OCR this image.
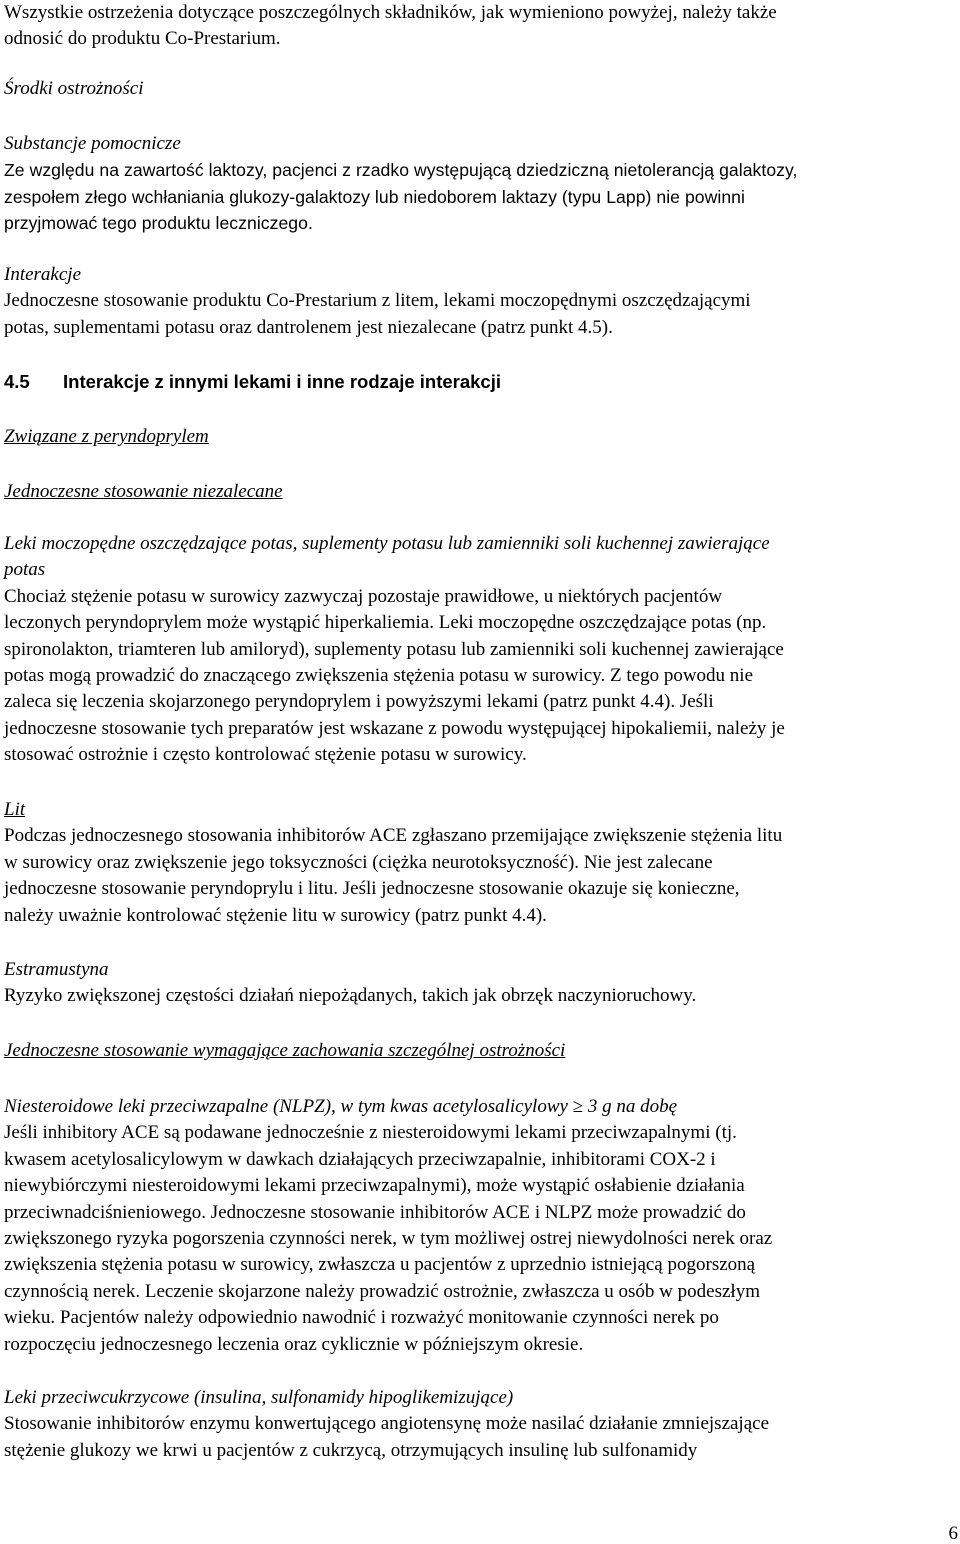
Wszystkie ostrzeżenia dotyczące poszczególnych składników, jak wymieniono powyżej, należy także
odnosić do produktu Co-Prestarium.
Środki ostrożności
Substancje pomocnicze
Ze względu na zawartość laktozy, pacjenci z rzadko występującą dziedziczną nietolerancją galaktozy,
zespołem złego wchłaniania glukozy-galaktozy lub niedoborem laktazy (typu Lapp) nie powinni
przyjmować tego produktu leczniczego.
Interakcje
Jednoczesne stosowanie produktu Co-Prestarium z litem, lekami moczopędnymi oszczędzającymi
potas, suplementami potasu oraz dantrolenem jest niezalecane (patrz punkt 4.5).
4.5 Interakcje z innymi lekami i inne rodzaje interakcji
Związane z peryndoprylem
Jednoczesne stosowanie niezalecane
Leki moczopędne oszczędzające potas, suplementy potasu lub zamienniki soli kuchennej zawierające
potas
Chociaż stężenie potasu w surowicy zazwyczaj pozostaje prawidłowe, u niektórych pacjentów
leczonych peryndoprylem może wystąpić hiperkaliemia. Leki moczopędne oszczędzające potas (np.
spironolakton, triamteren lub amiloryd), suplementy potasu lub zamienniki soli kuchennej zawierające
potas mogą prowadzić do znaczącego zwiększenia stężenia potasu w surowicy. Z tego powodu nie
zaleca się leczenia skojarzonego peryndoprylem i powyższymi lekami (patrz punkt 4.4). Jeśli
jednoczesne stosowanie tych preparatów jest wskazane z powodu występującej hipokaliemii, należy je
stosować ostrożnie i często kontrolować stężenie potasu w surowicy.
Lit
Podczas jednoczesnego stosowania inhibitorów ACE zgłaszano przemijające zwiększenie stężenia litu
w surowicy oraz zwiększenie jego toksyczności (ciężka neurotoksyczność). Nie jest zalecane
jednoczesne stosowanie peryndoprylu i litu. Jeśli jednoczesne stosowanie okazuje się konieczne,
należy uważnie kontrolować stężenie litu w surowicy (patrz punkt 4.4).
Estramustyna
Ryzyko zwiększonej częstości działań niepożądanych, takich jak obrzęk naczynioruchowy.
Jednoczesne stosowanie wymagające zachowania szczególnej ostrożności
Niesteroidowe leki przeciwzapalne (NLPZ), w tym kwas acetylosalicylowy ≥ 3 g na dobę
Jeśli inhibitory ACE są podawane jednocześnie z niesteroidowymi lekami przeciwzapalnymi (tj.
kwasem acetylosalicylowym w dawkach działających przeciwzapalnie, inhibitorami COX-2 i
niewybiórczymi niesteroidowymi lekami przeciwzapalnymi), może wystąpić osłabienie działania
przeciwnadciśnieniowego. Jednoczesne stosowanie inhibitorów ACE i NLPZ może prowadzić do
zwiększonego ryzyka pogorszenia czynności nerek, w tym możliwej ostrej niewydolności nerek oraz
zwiększenia stężenia potasu w surowicy, zwłaszcza u pacjentów z uprzednio istniejącą pogorszoną
czynnością nerek. Leczenie skojarzone należy prowadzić ostrożnie, zwłaszcza u osób w podeszłym
wieku. Pacjentów należy odpowiednio nawodnić i rozważyć monitowanie czynności nerek po
rozpoczęciu jednoczesnego leczenia oraz cyklicznie w późniejszym okresie.
Leki przeciwcukrzycowe (insulina, sulfonamidy hipoglikemizujące)
Stosowanie inhibitorów enzymu konwertującego angiotensynę może nasilać działanie zmniejszające
stężenie glukozy we krwi u pacjentów z cukrzycą, otrzymujących insulinę lub sulfonamidy
6
